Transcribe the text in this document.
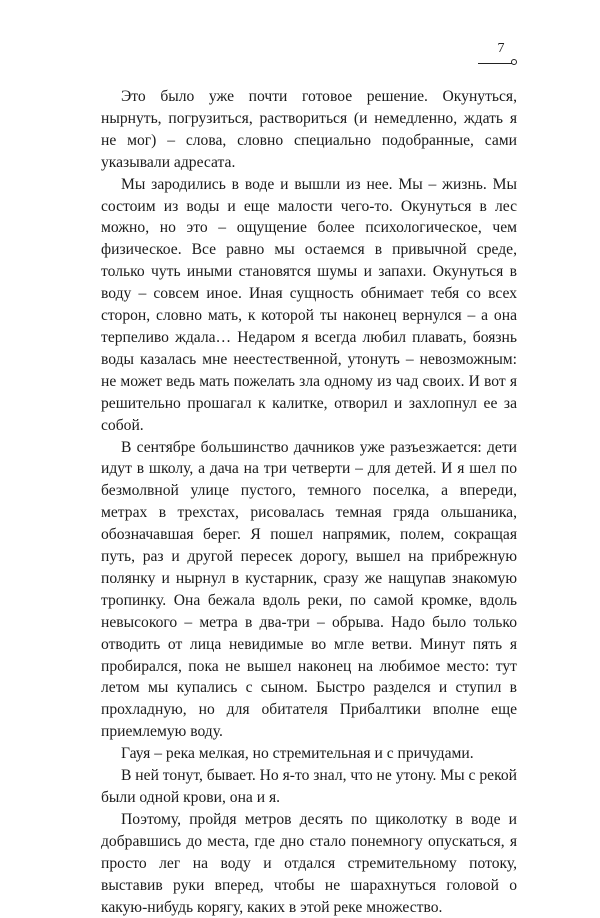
7

Это было уже почти готовое решение. Окунуться, нырнуть, погрузиться, раствориться (и немедленно, ждать я не мог) – слова, словно специально подобранные, сами указывали адресата.

Мы зародились в воде и вышли из нее. Мы – жизнь. Мы состоим из воды и еще малости чего-то. Окунуться в лес можно, но это – ощущение более психологическое, чем физическое. Все равно мы остаемся в привычной среде, только чуть иными становятся шумы и запахи. Окунуться в воду – совсем иное. Иная сущность обнимает тебя со всех сторон, словно мать, к которой ты наконец вернулся – а она терпеливо ждала… Недаром я всегда любил плавать, боязнь воды казалась мне неестественной, утонуть – невозможным: не может ведь мать пожелать зла одному из чад своих. И вот я решительно прошагал к калитке, отворил и захлопнул ее за собой.

В сентябре большинство дачников уже разъезжается: дети идут в школу, а дача на три четверти – для детей. И я шел по безмолвной улице пустого, темного поселка, а впереди, метрах в трехстах, рисовалась темная гряда ольшаника, обозначавшая берег. Я пошел напрямик, полем, сокращая путь, раз и другой пересек дорогу, вышел на прибрежную полянку и нырнул в кустарник, сразу же нащупав знакомую тропинку. Она бежала вдоль реки, по самой кромке, вдоль невысокого – метра в два-три – обрыва. Надо было только отводить от лица невидимые во мгле ветви. Минут пять я пробирался, пока не вышел наконец на любимое место: тут летом мы купались с сыном. Быстро разделся и ступил в прохладную, но для обитателя Прибалтики вполне еще приемлемую воду.

Гауя – река мелкая, но стремительная и с причудами.

В ней тонут, бывает. Но я-то знал, что не утону. Мы с рекой были одной крови, она и я.

Поэтому, пройдя метров десять по щиколотку в воде и добравшись до места, где дно стало понемногу опускаться, я просто лег на воду и отдался стремительному потоку, выставив руки вперед, чтобы не шарахнуться головой о какую-нибудь корягу, каких в этой реке множество.
